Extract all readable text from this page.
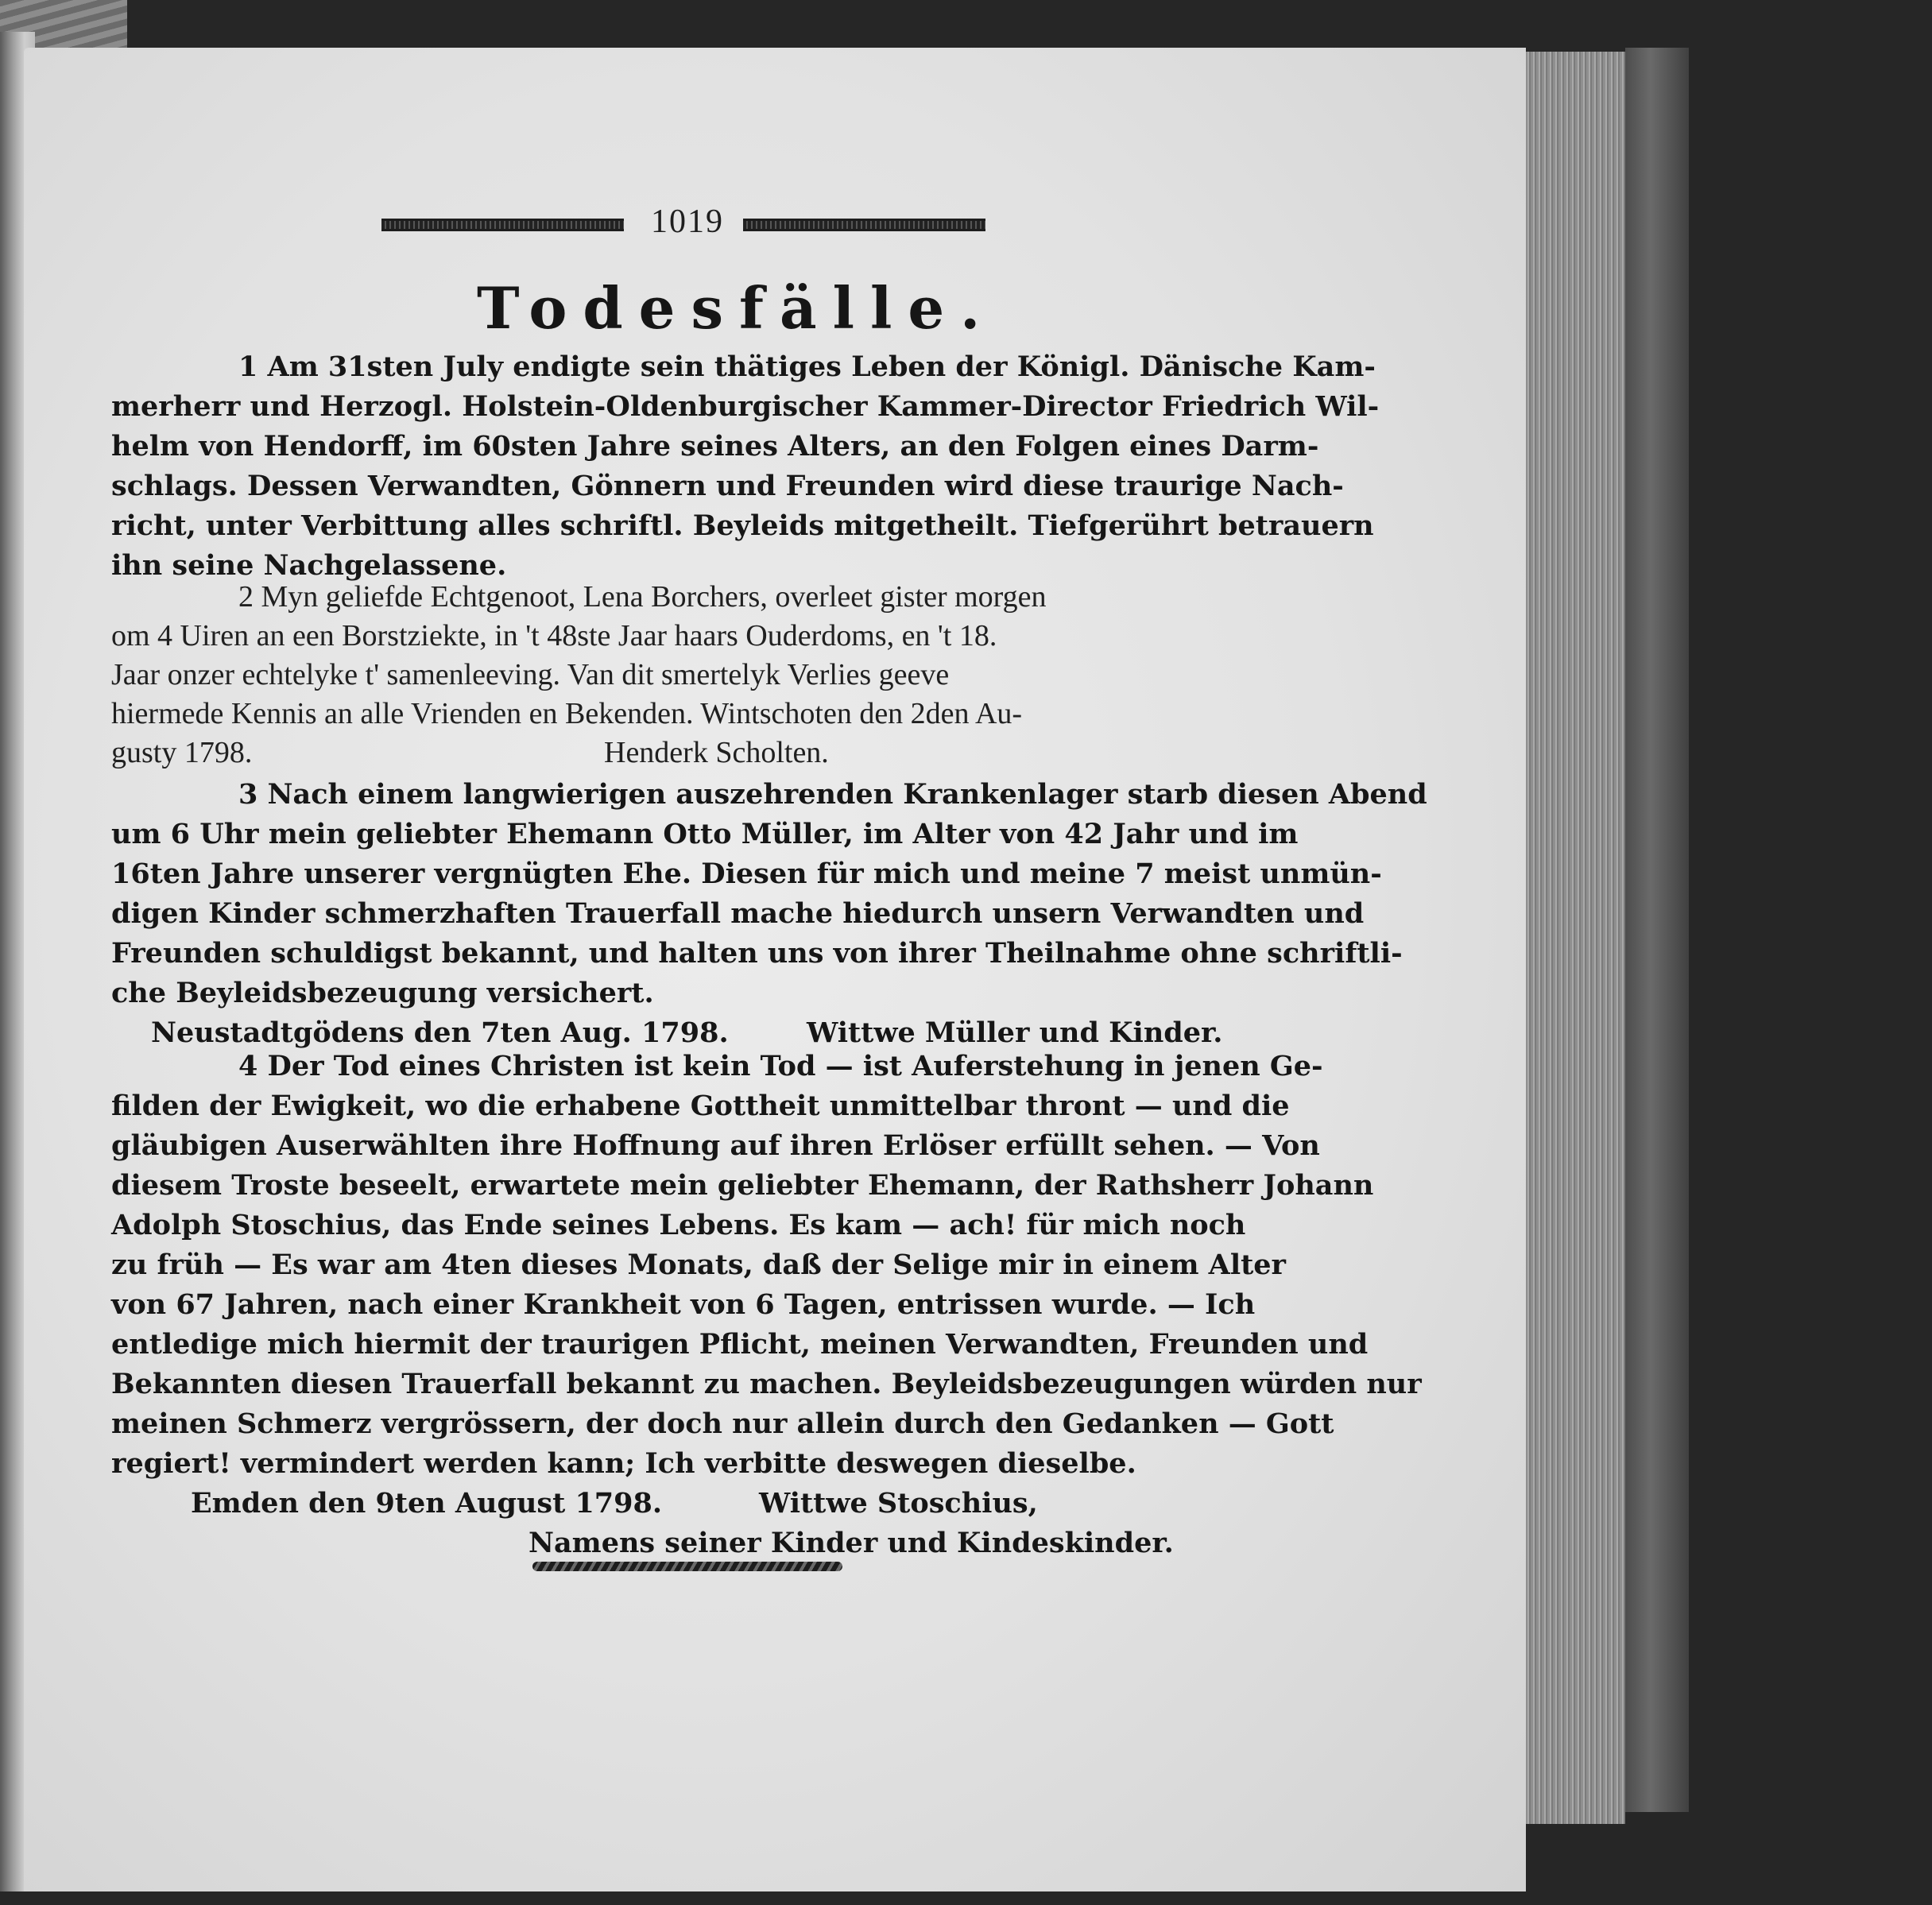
1019
Todesfälle.
1 Am 31sten July endigte sein thätiges Leben der Königl. Dänische Kam-
merherr und Herzogl. Holstein-Oldenburgischer Kammer-Director Friedrich Wil-
helm von Hendorff, im 60sten Jahre seines Alters, an den Folgen eines Darm-
schlags. Dessen Verwandten, Gönnern und Freunden wird diese traurige Nach-
richt, unter Verbittung alles schriftl. Beyleids mitgetheilt. Tiefgerührt betrauern
ihn seine Nachgelassene.
2 Myn geliefde Echtgenoot, Lena Borchers, overleet gister morgen
om 4 Uiren an een Borstziekte, in 't 48ste Jaar haars Ouderdoms, en 't 18.
Jaar onzer echtelyke t' samenleeving. Van dit smertelyk Verlies geeve
hiermede Kennis an alle Vrienden en Bekenden. Wintschoten den 2den Au-
gusty 1798.	Henderk Scholten.
3 Nach einem langwierigen auszehrenden Krankenlager starb diesen Abend
um 6 Uhr mein geliebter Ehemann Otto Müller, im Alter von 42 Jahr und im
16ten Jahre unserer vergnügten Ehe. Diesen für mich und meine 7 meist unmün-
digen Kinder schmerzhaften Trauerfall mache hiedurch unsern Verwandten und
Freunden schuldigst bekannt, und halten uns von ihrer Theilnahme ohne schriftli-
che Beyleidsbezeugung versichert.
Neustadtgödens den 7ten Aug. 1798.	Wittwe Müller und Kinder.
4 Der Tod eines Christen ist kein Tod — ist Auferstehung in jenen Ge-
filden der Ewigkeit, wo die erhabene Gottheit unmittelbar thront — und die
gläubigen Auserwählten ihre Hoffnung auf ihren Erlöser erfüllt sehen. — Von
diesem Troste beseelt, erwartete mein geliebter Ehemann, der Rathsherr Johann
Adolph Stoschius, das Ende seines Lebens. Es kam — ach! für mich noch
zu früh — Es war am 4ten dieses Monats, daß der Selige mir in einem Alter
von 67 Jahren, nach einer Krankheit von 6 Tagen, entrissen wurde. — Ich
entledige mich hiermit der traurigen Pflicht, meinen Verwandten, Freunden und
Bekannten diesen Trauerfall bekannt zu machen. Beyleidsbezeugungen würden nur
meinen Schmerz vergrössern, der doch nur allein durch den Gedanken — Gott
regiert! vermindert werden kann; Ich verbitte deswegen dieselbe.
Emden den 9ten August 1798.	Wittwe Stoschius,
Namens seiner Kinder und Kindeskinder.
